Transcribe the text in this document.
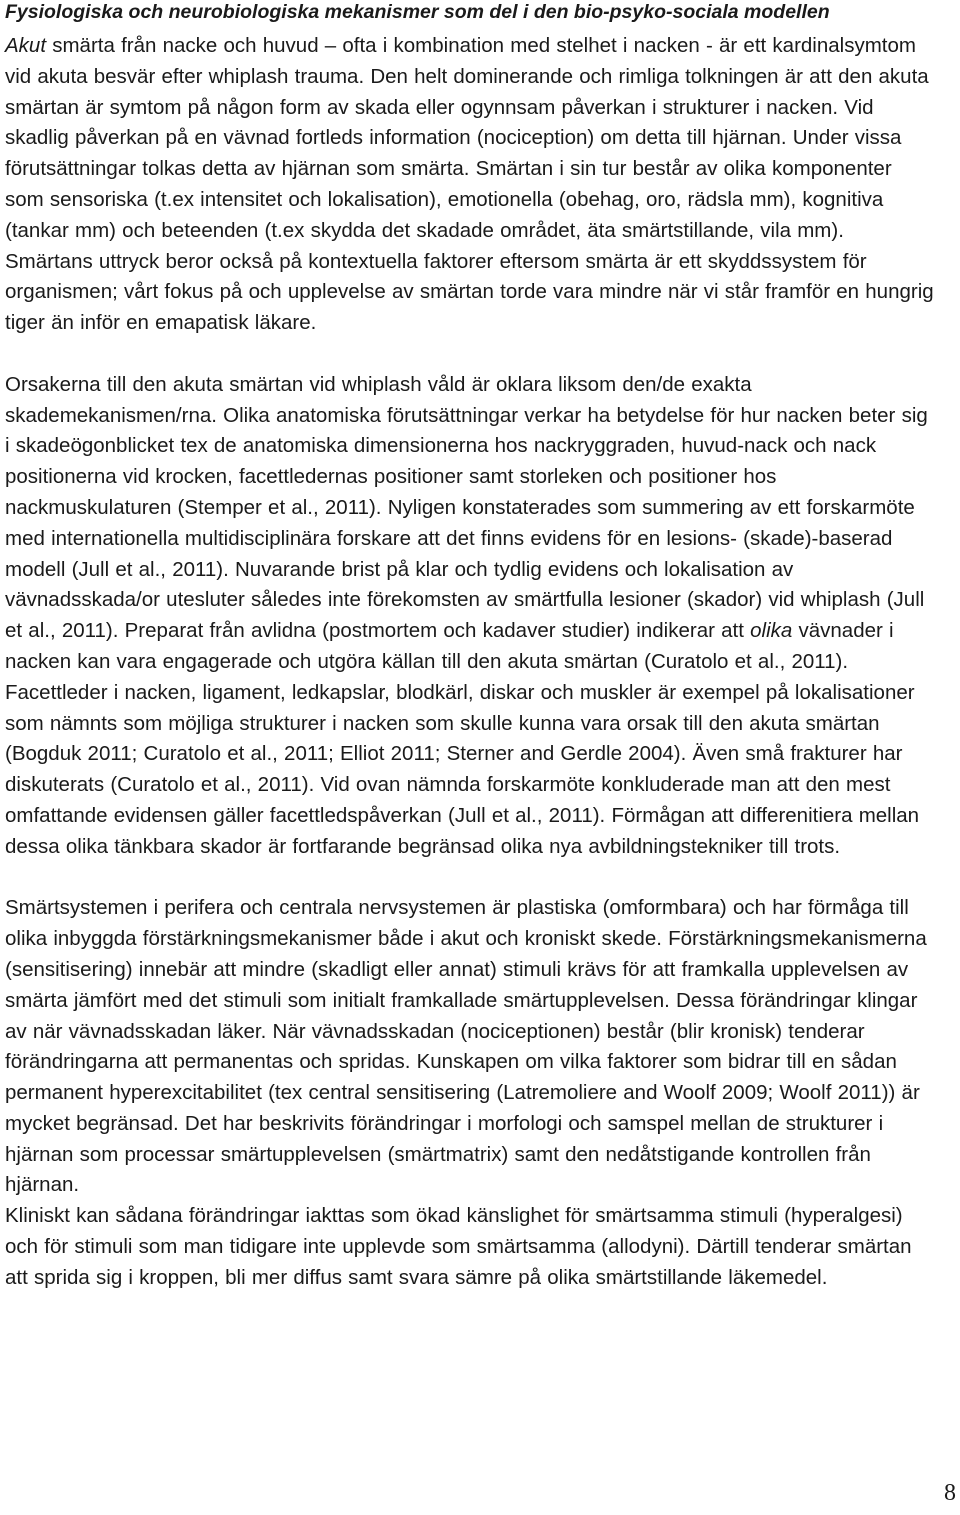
Fysiologiska och neurobiologiska mekanismer som del i den bio-psyko-sociala modellen

Akut smärta från nacke och huvud – ofta i kombination med stelhet i nacken - är ett kardinalsymtom vid akuta besvär efter whiplash trauma. Den helt dominerande och rimliga tolkningen är att den akuta smärtan är symtom på någon form av skada eller ogynnsam påverkan i strukturer i nacken. Vid skadlig påverkan på en vävnad fortleds information (nociception) om detta till hjärnan. Under vissa förutsättningar tolkas detta av hjärnan som smärta. Smärtan i sin tur består av olika komponenter som sensoriska (t.ex intensitet och lokalisation), emotionella (obehag, oro, rädsla mm), kognitiva (tankar mm) och beteenden (t.ex skydda det skadade området, äta smärtstillande, vila mm). Smärtans uttryck beror också på kontextuella faktorer eftersom smärta är ett skyddssystem för organismen; vårt fokus på och upplevelse av smärtan torde vara mindre när vi står framför en hungrig tiger än inför en emapatisk läkare.

Orsakerna till den akuta smärtan vid whiplash våld är oklara liksom den/de exakta skademekanismen/rna. Olika anatomiska förutsättningar verkar ha betydelse för hur nacken beter sig i skadeögonblicket tex de anatomiska dimensionerna hos nackryggraden, huvud-nack och nack positionerna vid krocken, facettledernas positioner samt storleken och positioner hos nackmuskulaturen (Stemper et al., 2011). Nyligen konstaterades som summering av ett forskarmöte med internationella multidisciplinära forskare att det finns evidens för en lesions- (skade)-baserad modell (Jull et al., 2011). Nuvarande brist på klar och tydlig evidens och lokalisation av vävnadsskada/or utesluter således inte förekomsten av smärtfulla lesioner (skador) vid whiplash (Jull et al., 2011). Preparat från avlidna (postmortem och kadaver studier) indikerar att olika vävnader i nacken kan vara engagerade och utgöra källan till den akuta smärtan (Curatolo et al., 2011). Facettleder i nacken, ligament, ledkapslar, blodkärl, diskar och muskler är exempel på lokalisationer som nämnts som möjliga strukturer i nacken som skulle kunna vara orsak till den akuta smärtan (Bogduk 2011; Curatolo et al., 2011; Elliot 2011; Sterner and Gerdle 2004). Även små frakturer har diskuterats (Curatolo et al., 2011). Vid ovan nämnda forskarmöte konkluderade man att den mest omfattande evidensen gäller facettledspåverkan (Jull et al., 2011). Förmågan att differenitiera mellan dessa olika tänkbara skador är fortfarande begränsad olika nya avbildningstekniker till trots.

Smärtsystemen i perifera och centrala nervsystemen är plastiska (omformbara) och har förmåga till olika inbyggda förstärkningsmekanismer både i akut och kroniskt skede. Förstärkningsmekanismerna (sensitisering) innebär att mindre (skadligt eller annat) stimuli krävs för att framkalla upplevelsen av smärta jämfört med det stimuli som initialt framkallade smärtupplevelsen. Dessa förändringar klingar av när vävnadsskadan läker. När vävnadsskadan (nociceptionen) består (blir kronisk) tenderar förändringarna att permanentas och spridas. Kunskapen om vilka faktorer som bidrar till en sådan permanent hyperexcitabilitet (tex central sensitisering (Latremoliere and Woolf 2009; Woolf 2011)) är mycket begränsad. Det har beskrivits förändringar i morfologi och samspel mellan de strukturer i hjärnan som processar smärtupplevelsen (smärtmatrix) samt den nedåtstigande kontrollen från hjärnan.

Kliniskt kan sådana förändringar iakttas som ökad känslighet för smärtsamma stimuli (hyperalgesi) och för stimuli som man tidigare inte upplevde som smärtsamma (allodyni). Därtill tenderar smärtan att sprida sig i kroppen, bli mer diffus samt svara sämre på olika smärtstillande läkemedel.

8
